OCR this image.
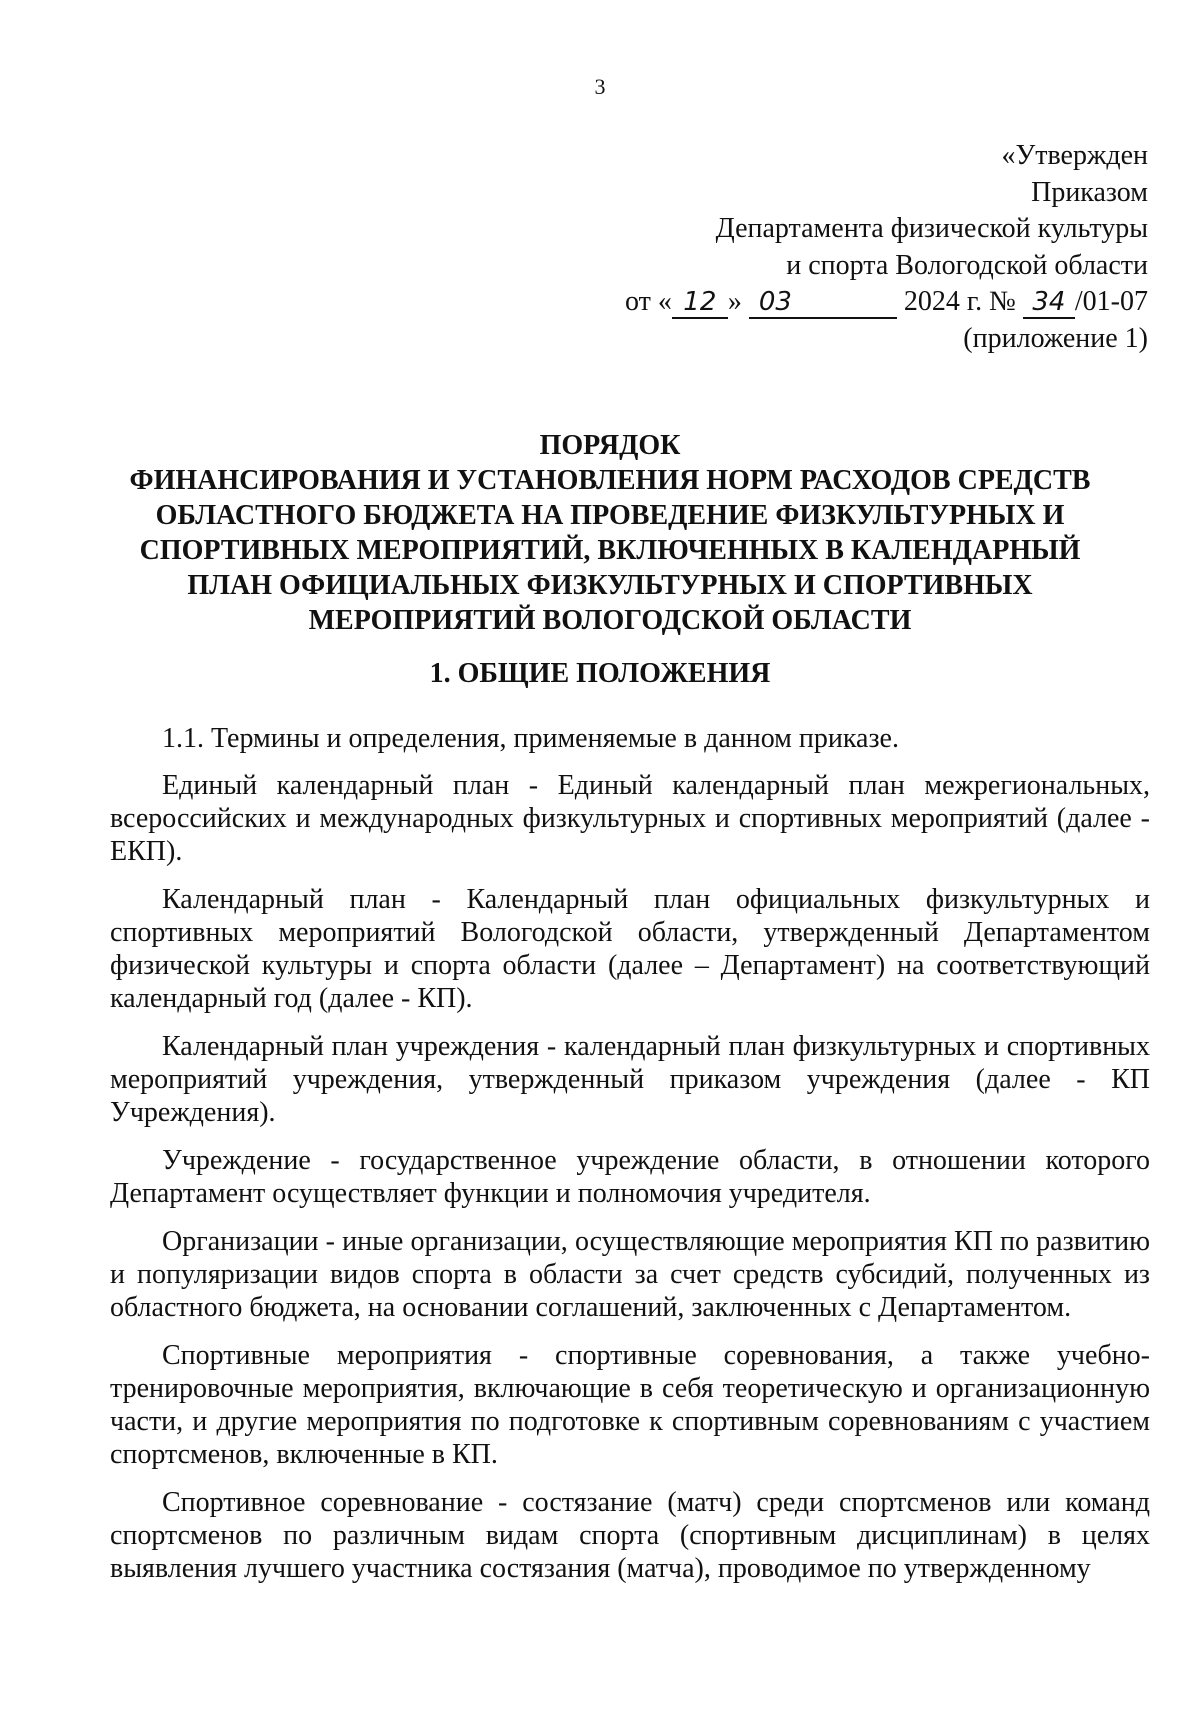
3
«Утвержден
Приказом
Департамента физической культуры
и спорта Вологодской области
от « 12 » 03	2024 г. № 34 /01-07
(приложение 1)
ПОРЯДОК
ФИНАНСИРОВАНИЯ И УСТАНОВЛЕНИЯ НОРМ РАСХОДОВ СРЕДСТВ
ОБЛАСТНОГО БЮДЖЕТА НА ПРОВЕДЕНИЕ ФИЗКУЛЬТУРНЫХ И
СПОРТИВНЫХ МЕРОПРИЯТИЙ, ВКЛЮЧЕННЫХ В КАЛЕНДАРНЫЙ
ПЛАН ОФИЦИАЛЬНЫХ ФИЗКУЛЬТУРНЫХ И СПОРТИВНЫХ
МЕРОПРИЯТИЙ ВОЛОГОДСКОЙ ОБЛАСТИ
1. ОБЩИЕ ПОЛОЖЕНИЯ

1.1. Термины и определения, применяемые в данном приказе.

Единый календарный план - Единый календарный план межрегиональных, всероссийских и международных физкультурных и спортивных мероприятий (далее - ЕКП).

Календарный план - Календарный план официальных физкультурных и спортивных мероприятий Вологодской области, утвержденный Департаментом физической культуры и спорта области (далее – Департамент) на соответствующий календарный год (далее - КП).

Календарный план учреждения - календарный план физкультурных и спортивных мероприятий учреждения, утвержденный приказом учреждения (далее - КП Учреждения).

Учреждение - государственное учреждение области, в отношении которого Департамент осуществляет функции и полномочия учредителя.

Организации - иные организации, осуществляющие мероприятия КП по развитию и популяризации видов спорта в области за счет средств субсидий, полученных из областного бюджета, на основании соглашений, заключенных с Департаментом.

Спортивные мероприятия - спортивные соревнования, а также учебно-тренировочные мероприятия, включающие в себя теоретическую и организационную части, и другие мероприятия по подготовке к спортивным соревнованиям с участием спортсменов, включенные в КП.

Спортивное соревнование - состязание (матч) среди спортсменов или команд спортсменов по различным видам спорта (спортивным дисциплинам) в целях выявления лучшего участника состязания (матча), проводимое по утвержденному
